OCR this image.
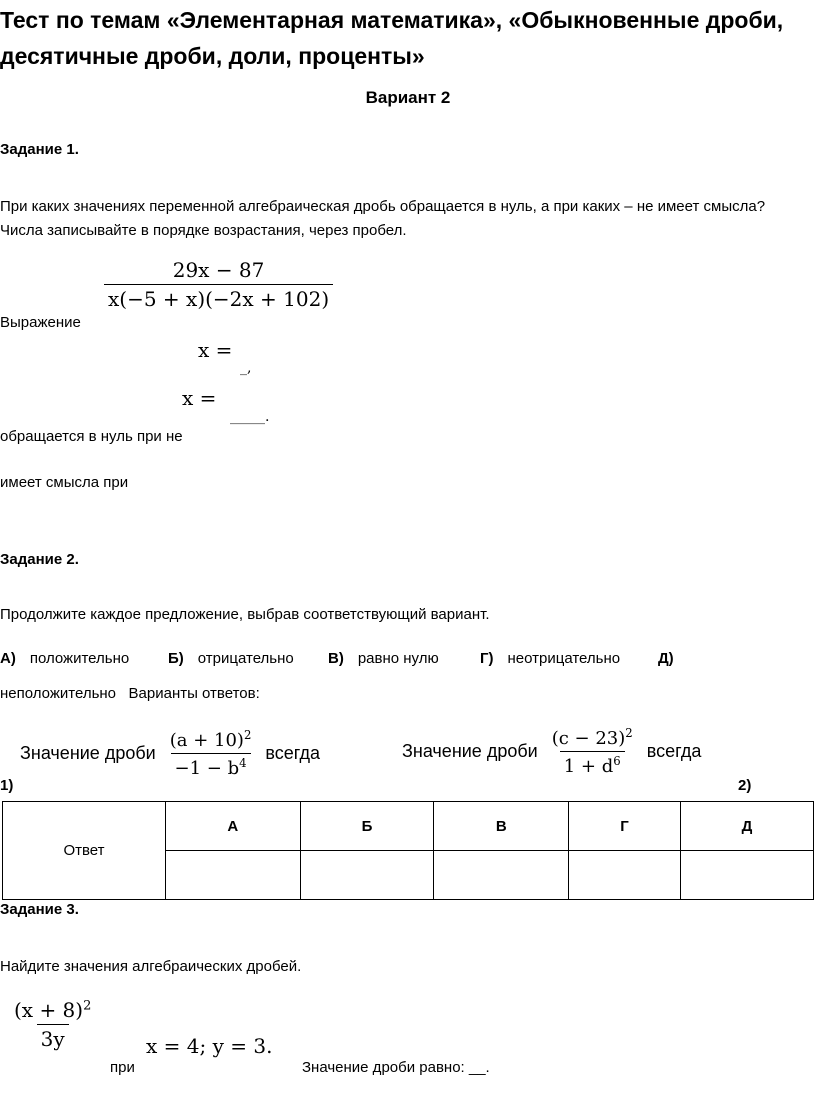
Тест по темам «Элементарная математика», «Обыкновенные дроби, десятичные дроби, доли, проценты»
Вариант 2
Задание 1.
При каких значениях переменной алгебраическая дробь обращается в нуль, а при каких – не имеет смысла?
Числа записывайте в порядке возрастания, через пробел.
Выражение
$\frac{29x - 87}{x(-5 + x)(-2x + 102)}$
x =
_,
x =
_____.
обращается в нуль при не
имеет смысла при
Задание 2.
Продолжите каждое предложение, выбрав соответствующий вариант.
А) положительно	Б) отрицательно В) равно нулю	Г) неотрицательно	Д)
неположительно Варианты ответов:
Значение дроби $\frac{(a + 10)^2}{-1 - b^4}$ всегда	Значение дроби $\frac{(c - 23)^2}{1 + d^6}$ всегда
1)	2)
Ответ	А	Б	В	Г	Д

Задание 3.
Найдите значения алгебраических дробей.
$\frac{(x + 8)^2}{3y}$
при
x = 4; y = 3.
Значение дроби равно: __.
